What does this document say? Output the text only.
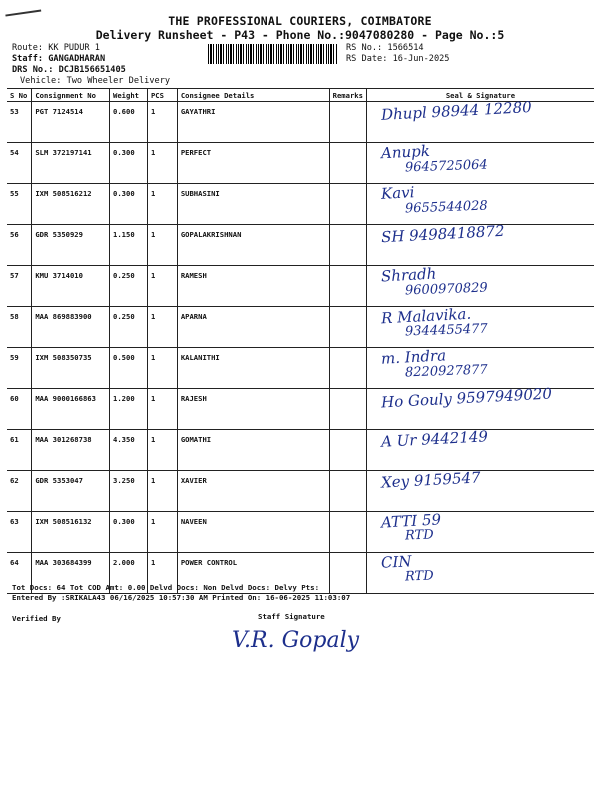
THE PROFESSIONAL COURIERS, COIMBATORE
Delivery Runsheet - P43 - Phone No.:9047080280 - Page No.:5
Route: KK PUDUR 1
Staff: GANGADHARAN
DRS No.: DCJB156651405
Vehicle: Two Wheeler Delivery
RS No.: 1566514
RS Date: 16-Jun-2025
S No	Consignment No	Weight	PCS	Consignee Details	Remarks	Seal & Signature
53	PGT 7124514	0.600	1	GAYATHRI		Dhupl 98944 12280

54	SLM 372197141	0.300	1	PERFECT		Anupk
9645725064

55	IXM 508516212	0.300	1	SUBHASINI		Kavi
9655544028

56	GDR 5350929	1.150	1	GOPALAKRISHNAN		SH 9498418872

57	KMU 3714010	0.250	1	RAMESH		Shradh
9600970829

58	MAA 869883900	0.250	1	APARNA		R Malavika.
9344455477

59	IXM 508350735	0.500	1	KALANITHI		m. Indra
8220927877

60	MAA 9000166863	1.200	1	RAJESH		Ho Gouly 9597949020

61	MAA 301268738	4.350	1	GOMATHI		A Ur 9442149

62	GDR 5353047	3.250	1	XAVIER		Xey 9159547

63	IXM 508516132	0.300	1	NAVEEN		ATTI 59
RTD

64	MAA 303684399	2.000	1	POWER CONTROL		CIN
RTD
Tot Docs: 64 Tot COD Amt: 0.00 Delvd Docs: Non Delvd Docs: Delvy Pts:
Entered By :SRIKALA43 06/16/2025 10:57:30 AM Printed On: 16-06-2025 11:03:07
Verified By	Staff Signature
V.R. Gopaly
